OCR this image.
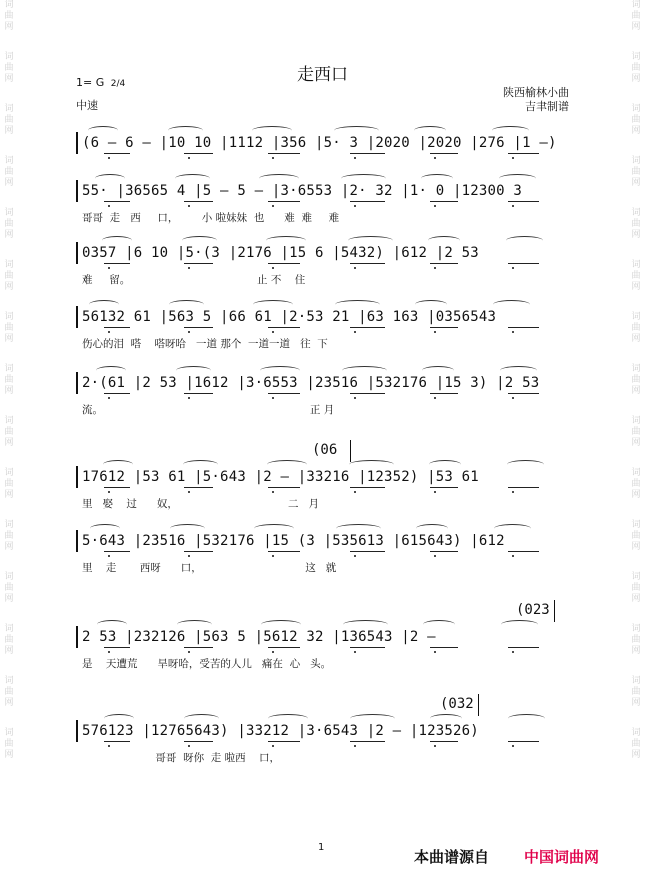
词
曲
网
词
曲
网
词
曲
网
词
曲
网
词
曲
网
词
曲
网
词
曲
网
词
曲
网
词
曲
网
词
曲
网
词
曲
网
词
曲
网
词
曲
网
词
曲
网
词
曲
网
词
曲
网
词
曲
网
词
曲
网
词
曲
网
词
曲
网
词
曲
网
词
曲
网
词
曲
网
词
曲
网
词
曲
网
词
曲
网
词
曲
网
词
曲
网
词
曲
网
词
曲
网
走西口
1= G 2/4
中速
陕西榆林小曲
吉聿制谱
(6 — 6 — |10 10 |1112 |356 |5· 3 |2020 |2020 |276 |1 —)
55· |36565 4 |5 — 5 — |3·6553 |2· 32 |1· 0 |12300 3
哥哥  走   西     口，       小 啦妹妹  也      难  难     难
0357 |6 10 |5·(3 |2176 |15 6 |5432) |612 |2 53
难     留。                                      止 不    住
56132 61 |563 5 |66 61 |2·53 21 |63 163 |0356543
伤心的泪  嗒    嗒呀哈   一道 那个  一道一道   往  下
2·(61 |2 53 |1612 |3·6553 |23516 |532176 |15 3) |2 53
流。                                                              正 月
(06
17612 |53 61 |5·643 |2 — |33216 |12352) |53 61
里   娶    过      奴，                                 二   月
5·643 |23516 |532176 |15 (3 |535613 |615643) |612
里    走       西呀      口，                               这   就
(023
2 53 |232126 |563 5 |5612 32 |136543 |2 —
是    天遭荒      旱呀哈，受苦的人儿   痛在  心   头。
(032
576123 |12765643) |33212 |3·6543 |2 — |123526)
哥哥  呀你  走 啦西    口，
1
本曲谱源自 中国词曲网
